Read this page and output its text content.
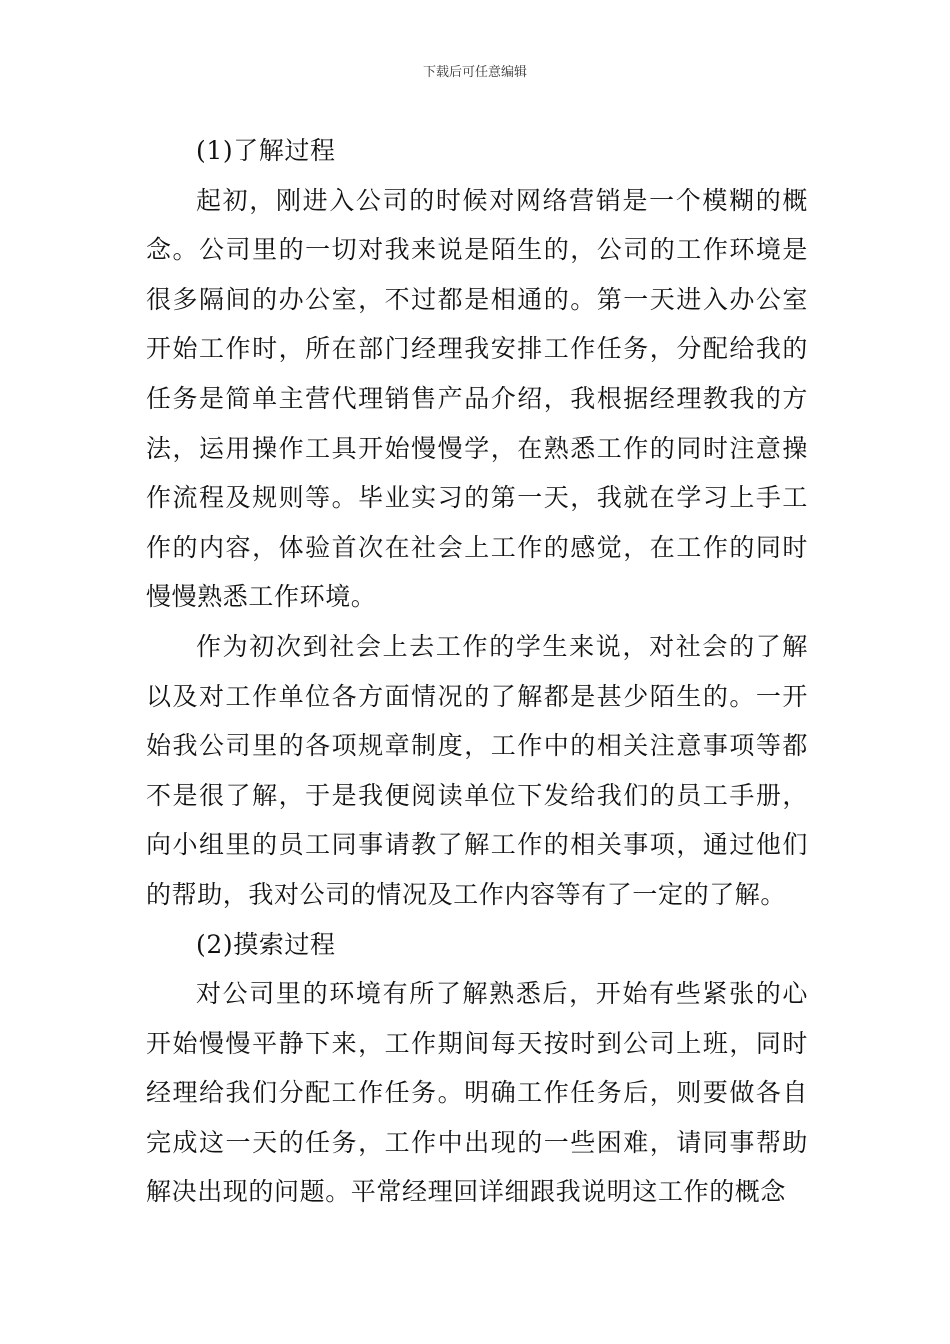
下载后可任意编辑

(1)了解过程

起初，刚进入公司的时候对网络营销是一个模糊的概念。公司里的一切对我来说是陌生的，公司的工作环境是很多隔间的办公室，不过都是相通的。第一天进入办公室开始工作时，所在部门经理我安排工作任务，分配给我的任务是简单主营代理销售产品介绍，我根据经理教我的方法，运用操作工具开始慢慢学，在熟悉工作的同时注意操作流程及规则等。毕业实习的第一天，我就在学习上手工作的内容，体验首次在社会上工作的感觉，在工作的同时慢慢熟悉工作环境。

作为初次到社会上去工作的学生来说，对社会的了解以及对工作单位各方面情况的了解都是甚少陌生的。一开始我公司里的各项规章制度，工作中的相关注意事项等都不是很了解，于是我便阅读单位下发给我们的员工手册，向小组里的员工同事请教了解工作的相关事项，通过他们的帮助，我对公司的情况及工作内容等有了一定的了解。

(2)摸索过程

对公司里的环境有所了解熟悉后，开始有些紧张的心开始慢慢平静下来，工作期间每天按时到公司上班，同时经理给我们分配工作任务。明确工作任务后，则要做各自完成这一天的任务，工作中出现的一些困难，请同事帮助解决出现的问题。平常经理回详细跟我说明这工作的概念
